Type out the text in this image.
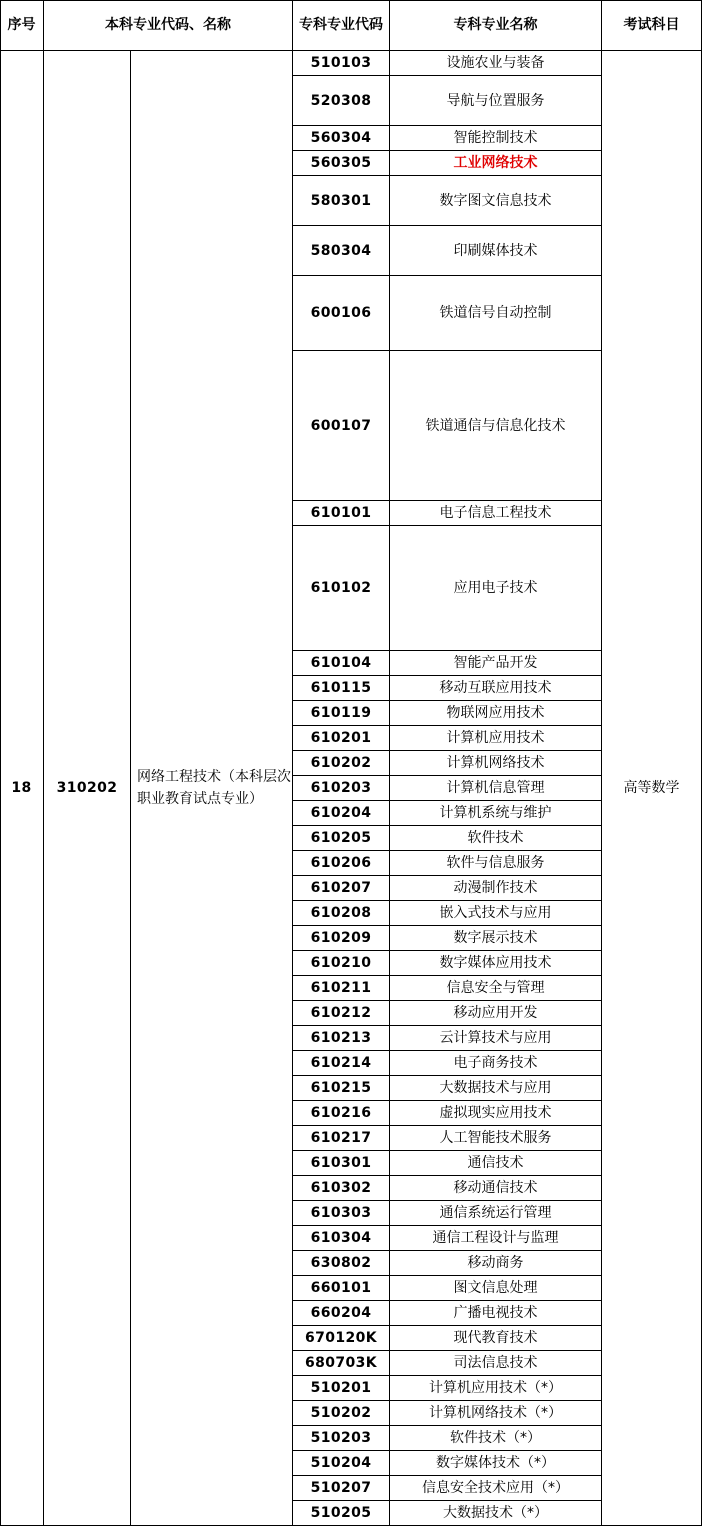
序号	本科专业代码、名称	专科专业代码	专科专业名称	考试科目
18	310202
网络工程技术（本科层次职业教育试点专业）
高等数学
510103	设施农业与装备
520308	导航与位置服务
560304	智能控制技术
560305	工业网络技术
580301	数字图文信息技术
580304	印刷媒体技术
600106	铁道信号自动控制
600107	铁道通信与信息化技术
610101	电子信息工程技术
610102	应用电子技术
610104	智能产品开发
610115	移动互联应用技术
610119	物联网应用技术
610201	计算机应用技术
610202	计算机网络技术
610203	计算机信息管理
610204	计算机系统与维护
610205	软件技术
610206	软件与信息服务
610207	动漫制作技术
610208	嵌入式技术与应用
610209	数字展示技术
610210	数字媒体应用技术
610211	信息安全与管理
610212	移动应用开发
610213	云计算技术与应用
610214	电子商务技术
610215	大数据技术与应用
610216	虚拟现实应用技术
610217	人工智能技术服务
610301	通信技术
610302	移动通信技术
610303	通信系统运行管理
610304	通信工程设计与监理
630802	移动商务
660101	图文信息处理
660204	广播电视技术
670120K	现代教育技术
680703K	司法信息技术
510201	计算机应用技术（*）
510202	计算机网络技术（*）
510203	软件技术（*）
510204	数字媒体技术（*）
510207	信息安全技术应用（*）
510205	大数据技术（*）
